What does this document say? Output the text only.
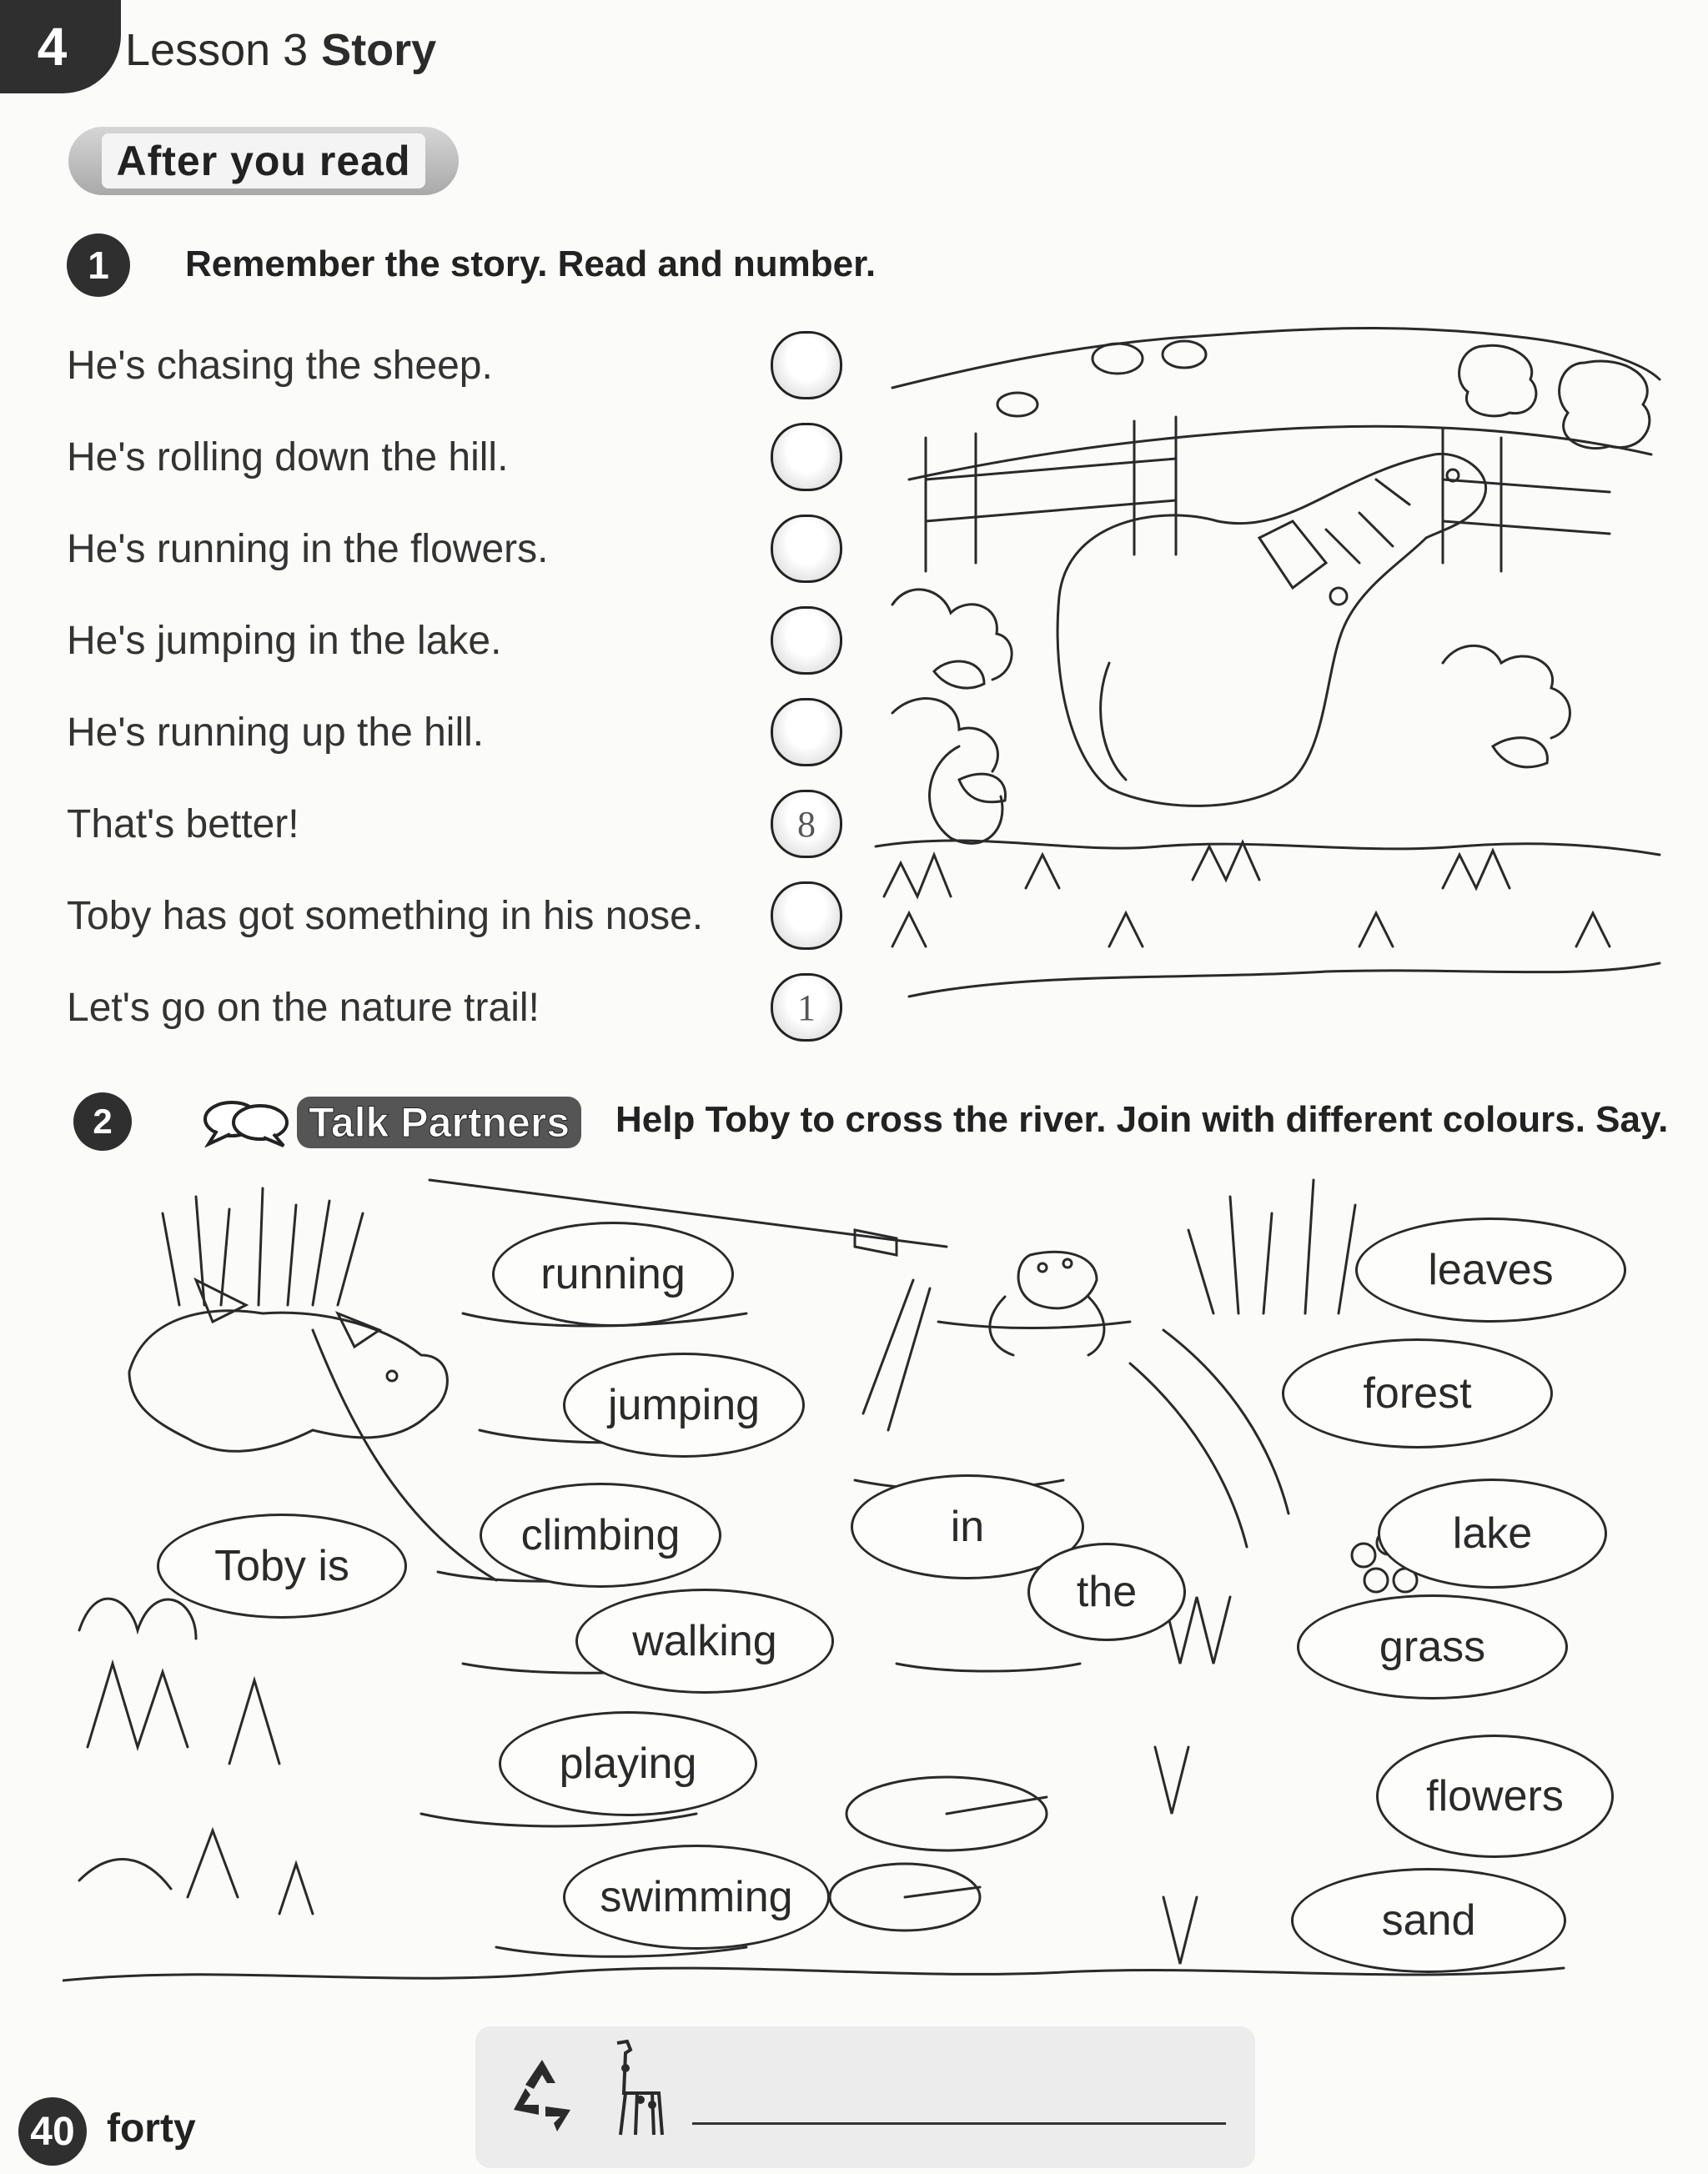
4 Lesson 3 Story
After you read
1	Remember the story. Read and number.
He's chasing the sheep.
He's rolling down the hill.
He's running in the flowers.
He's jumping in the lake.
He's running up the hill.
That's better!	8
Toby has got something in his nose.
Let's go on the nature trail!	1
2	Talk Partners	Help Toby to cross the river. Join with different colours. Say.
Toby is
running
jumping
climbing
walking
playing
swimming
in
the
leaves
forest
lake
grass
flowers
sand
40 forty
